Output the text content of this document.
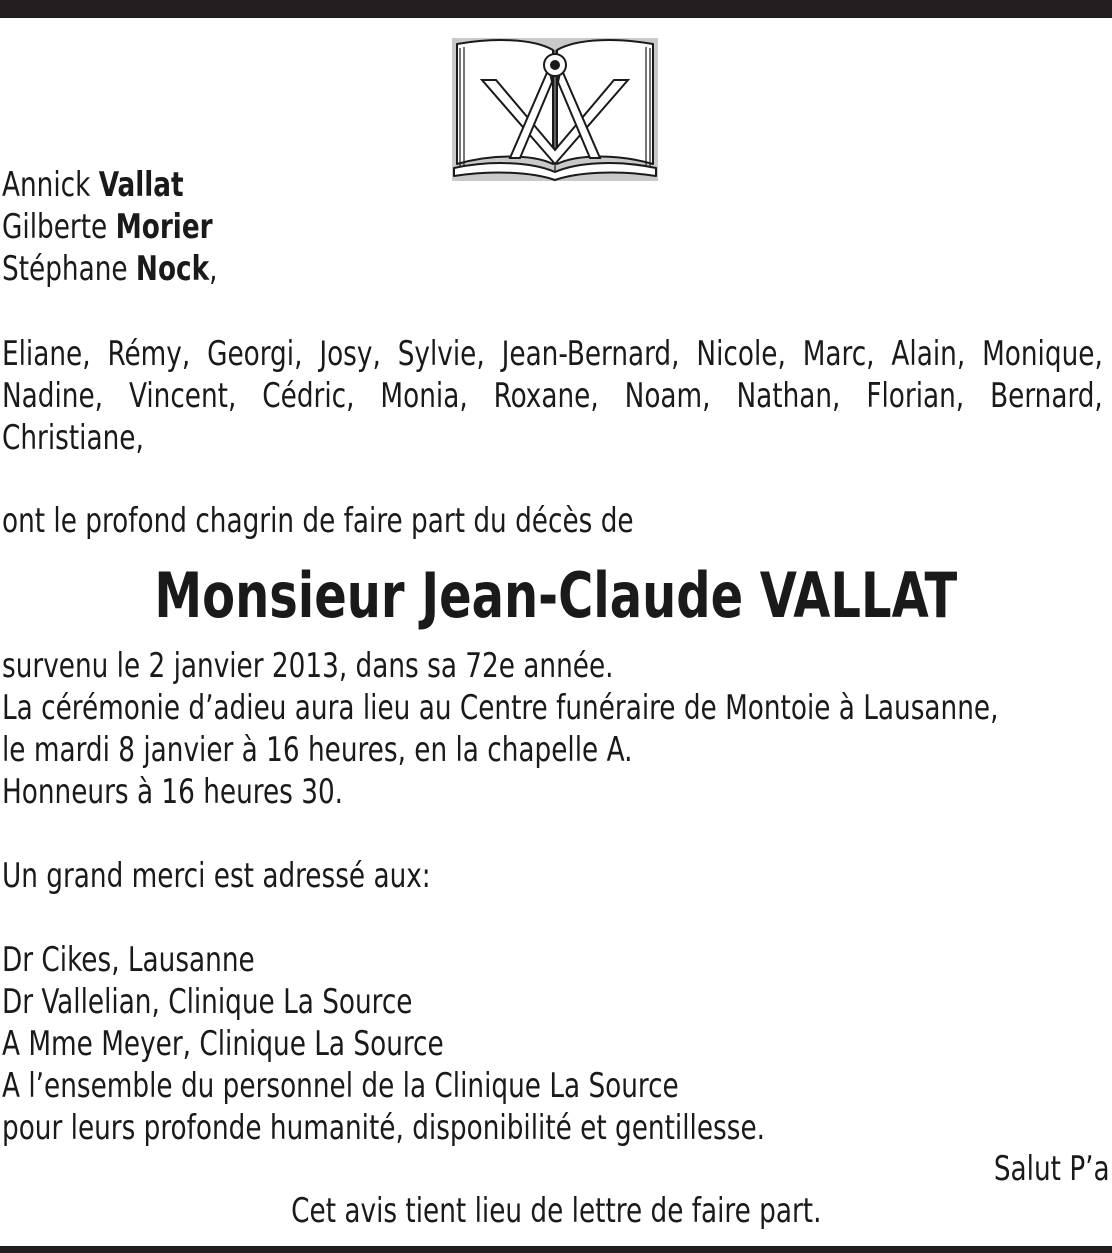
Annick Vallat
Gilberte Morier
Stéphane Nock,
Eliane, Rémy, Georgi, Josy, Sylvie, Jean-Bernard, Nicole, Marc, Alain, Monique, Nadine, Vincent, Cédric, Monia, Roxane, Noam, Nathan, Florian, Bernard, Christiane,
ont le profond chagrin de faire part du décès de
Monsieur Jean-Claude VALLAT
survenu le 2 janvier 2013, dans sa 72e année.
La cérémonie d’adieu aura lieu au Centre funéraire de Montoie à Lausanne,
le mardi 8 janvier à 16 heures, en la chapelle A.
Honneurs à 16 heures 30.
Un grand merci est adressé aux:
Dr Cikes, Lausanne
Dr Vallelian, Clinique La Source
A Mme Meyer, Clinique La Source
A l’ensemble du personnel de la Clinique La Source
pour leurs profonde humanité, disponibilité et gentillesse.
Salut P’a
Cet avis tient lieu de lettre de faire part.
